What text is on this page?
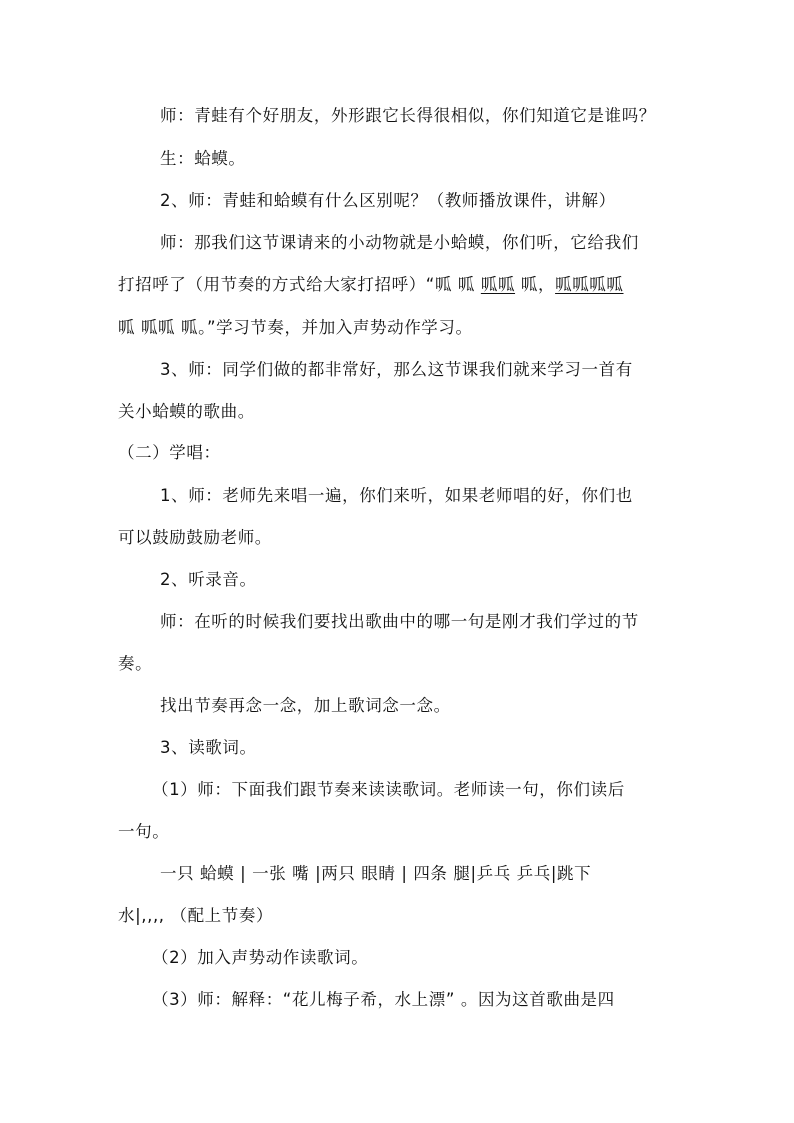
师：青蛙有个好朋友，外形跟它长得很相似，你们知道它是谁吗？
生：蛤蟆。
2、师：青蛙和蛤蟆有什么区别呢？（教师播放课件，讲解）
师：那我们这节课请来的小动物就是小蛤蟆，你们听，它给我们
打招呼了（用节奏的方式给大家打招呼）“呱 呱 呱呱 呱，呱呱呱呱
呱 呱呱 呱。”学习节奏，并加入声势动作学习。
3、师：同学们做的都非常好，那么这节课我们就来学习一首有
关小蛤蟆的歌曲。
（二）学唱：
1、师：老师先来唱一遍，你们来听，如果老师唱的好，你们也
可以鼓励鼓励老师。
2、听录音。
师：在听的时候我们要找出歌曲中的哪一句是刚才我们学过的节
奏。
找出节奏再念一念，加上歌词念一念。
3、读歌词。
（1）师：下面我们跟节奏来读读歌词。老师读一句，你们读后
一句。
一只 蛤蟆 | 一张 嘴 |两只 眼睛 | 四条 腿|乒乓 乒乓|跳下
水|,,,, （配上节奏）
（2）加入声势动作读歌词。
（3）师：解释：“花儿梅子希，水上漂” 。因为这首歌曲是四
